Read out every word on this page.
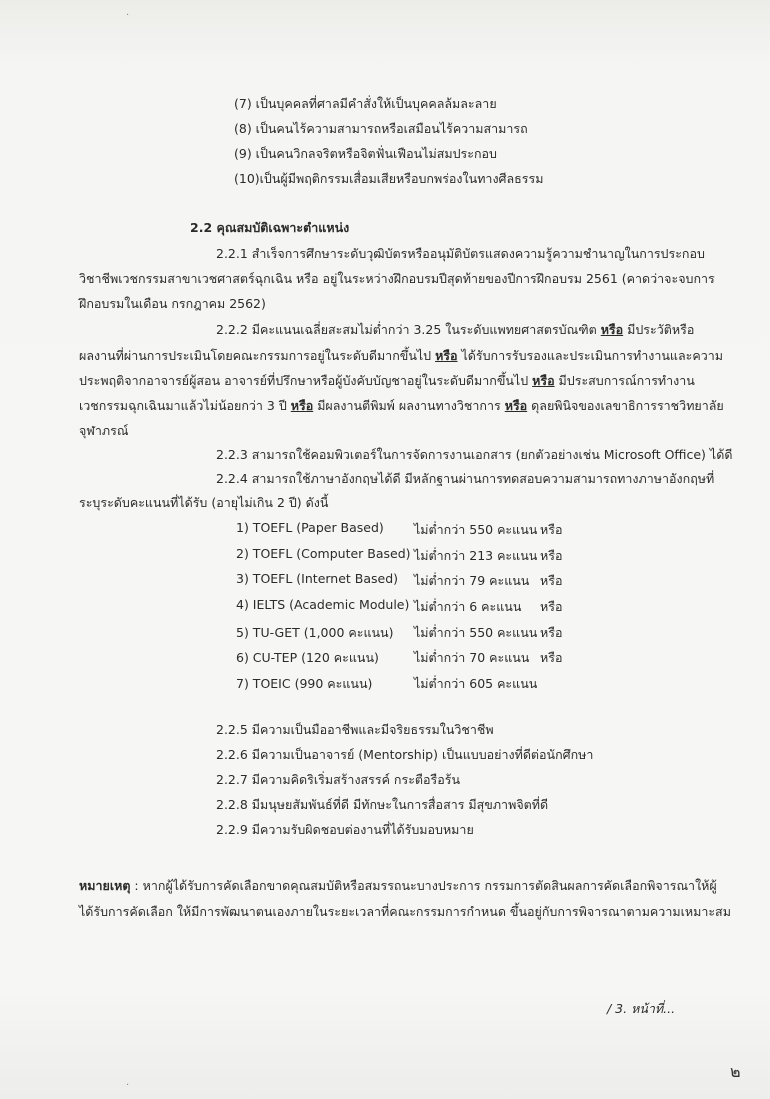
(7) เป็นบุคคลที่ศาลมีคำสั่งให้เป็นบุคคลล้มละลาย
(8) เป็นคนไร้ความสามารถหรือเสมือนไร้ความสามารถ
(9) เป็นคนวิกลจริตหรือจิตฟั่นเฟือนไม่สมประกอบ
(10)เป็นผู้มีพฤติกรรมเสื่อมเสียหรือบกพร่องในทางศีลธรรม
2.2 คุณสมบัติเฉพาะตำแหน่ง
2.2.1 สำเร็จการศึกษาระดับวุฒิบัตรหรืออนุมัติบัตรแสดงความรู้ความชำนาญในการประกอบ
วิชาชีพเวชกรรมสาขาเวชศาสตร์ฉุกเฉิน หรือ อยู่ในระหว่างฝึกอบรมปีสุดท้ายของปีการฝึกอบรม 2561 (คาดว่าจะจบการ
ฝึกอบรมในเดือน กรกฎาคม 2562)
2.2.2 มีคะแนนเฉลี่ยสะสมไม่ต่ำกว่า 3.25 ในระดับแพทยศาสตรบัณฑิต หรือ มีประวัติหรือ
ผลงานที่ผ่านการประเมินโดยคณะกรรมการอยู่ในระดับดีมากขึ้นไป หรือ ได้รับการรับรองและประเมินการทำงานและความ
ประพฤติจากอาจารย์ผู้สอน อาจารย์ที่ปรึกษาหรือผู้บังคับบัญชาอยู่ในระดับดีมากขึ้นไป หรือ มีประสบการณ์การทำงาน
เวชกรรมฉุกเฉินมาแล้วไม่น้อยกว่า 3 ปี หรือ มีผลงานตีพิมพ์ ผลงานทางวิชาการ หรือ ดุลยพินิจของเลขาธิการราชวิทยาลัย
จุฬาภรณ์
2.2.3 สามารถใช้คอมพิวเตอร์ในการจัดการงานเอกสาร (ยกตัวอย่างเช่น Microsoft Office) ได้ดี
2.2.4 สามารถใช้ภาษาอังกฤษได้ดี มีหลักฐานผ่านการทดสอบความสามารถทางภาษาอังกฤษที่
ระบุระดับคะแนนที่ได้รับ (อายุไม่เกิน 2 ปี) ดังนี้
1) TOEFL (Paper Based)	ไม่ต่ำกว่า 550 คะแนน หรือ
2) TOEFL (Computer Based) ไม่ต่ำกว่า 213 คะแนน หรือ
3) TOEFL (Internet Based)	ไม่ต่ำกว่า 79 คะแนน หรือ
4) IELTS (Academic Module) ไม่ต่ำกว่า 6 คะแนน	หรือ
5) TU-GET (1,000 คะแนน)	ไม่ต่ำกว่า 550 คะแนน หรือ
6) CU-TEP (120 คะแนน)	ไม่ต่ำกว่า 70 คะแนน หรือ
7) TOEIC (990 คะแนน)	ไม่ต่ำกว่า 605 คะแนน
2.2.5 มีความเป็นมืออาชีพและมีจริยธรรมในวิชาชีพ
2.2.6 มีความเป็นอาจารย์ (Mentorship) เป็นแบบอย่างที่ดีต่อนักศึกษา
2.2.7 มีความคิดริเริ่มสร้างสรรค์ กระตือรือร้น
2.2.8 มีมนุษยสัมพันธ์ที่ดี มีทักษะในการสื่อสาร มีสุขภาพจิตที่ดี
2.2.9 มีความรับผิดชอบต่องานที่ได้รับมอบหมาย
หมายเหตุ : หากผู้ได้รับการคัดเลือกขาดคุณสมบัติหรือสมรรถนะบางประการ กรรมการตัดสินผลการคัดเลือกพิจารณาให้ผู้
ได้รับการคัดเลือก ให้มีการพัฒนาตนเองภายในระยะเวลาที่คณะกรรมการกำหนด ขึ้นอยู่กับการพิจารณาตามความเหมาะสม
/ 3. หน้าที่...
๒
·
·
